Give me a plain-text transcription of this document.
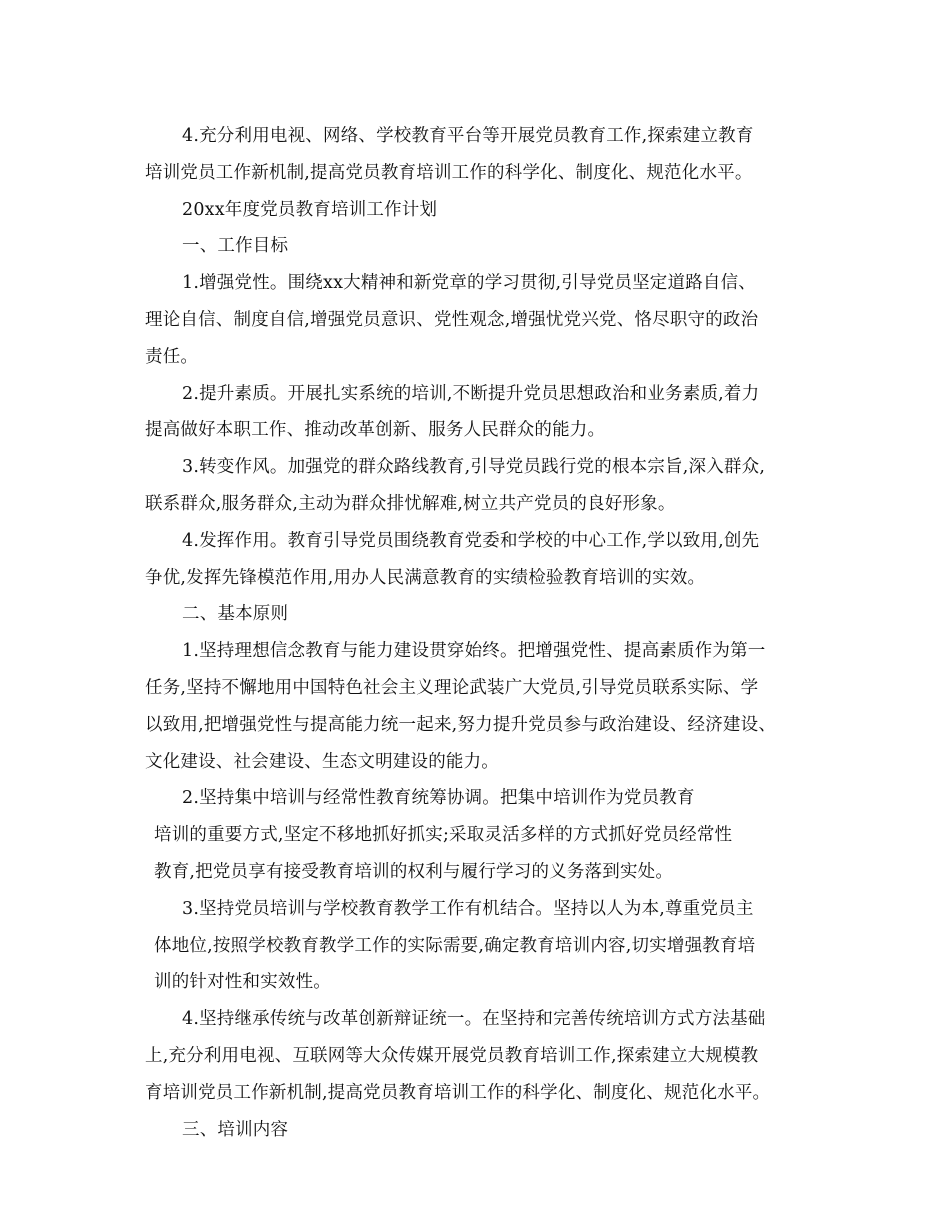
4.充分利用电视、网络、学校教育平台等开展党员教育工作,探索建立教育
培训党员工作新机制,提高党员教育培训工作的科学化、制度化、规范化水平。
20xx年度党员教育培训工作计划
一、工作目标
1.增强党性。围绕xx大精神和新党章的学习贯彻,引导党员坚定道路自信、
理论自信、制度自信,增强党员意识、党性观念,增强忧党兴党、恪尽职守的政治
责任。
2.提升素质。开展扎实系统的培训,不断提升党员思想政治和业务素质,着力
提高做好本职工作、推动改革创新、服务人民群众的能力。
3.转变作风。加强党的群众路线教育,引导党员践行党的根本宗旨,深入群众,
联系群众,服务群众,主动为群众排忧解难,树立共产党员的良好形象。
4.发挥作用。教育引导党员围绕教育党委和学校的中心工作,学以致用,创先
争优,发挥先锋模范作用,用办人民满意教育的实绩检验教育培训的实效。
二、基本原则
1.坚持理想信念教育与能力建设贯穿始终。把增强党性、提高素质作为第一
任务,坚持不懈地用中国特色社会主义理论武装广大党员,引导党员联系实际、学
以致用,把增强党性与提高能力统一起来,努力提升党员参与政治建设、经济建设、
文化建设、社会建设、生态文明建设的能力。
2.坚持集中培训与经常性教育统筹协调。把集中培训作为党员教育
培训的重要方式,坚定不移地抓好抓实;采取灵活多样的方式抓好党员经常性
教育,把党员享有接受教育培训的权利与履行学习的义务落到实处。
3.坚持党员培训与学校教育教学工作有机结合。坚持以人为本,尊重党员主
体地位,按照学校教育教学工作的实际需要,确定教育培训内容,切实增强教育培
训的针对性和实效性。
4.坚持继承传统与改革创新辩证统一。在坚持和完善传统培训方式方法基础
上,充分利用电视、互联网等大众传媒开展党员教育培训工作,探索建立大规模教
育培训党员工作新机制,提高党员教育培训工作的科学化、制度化、规范化水平。
三、培训内容
